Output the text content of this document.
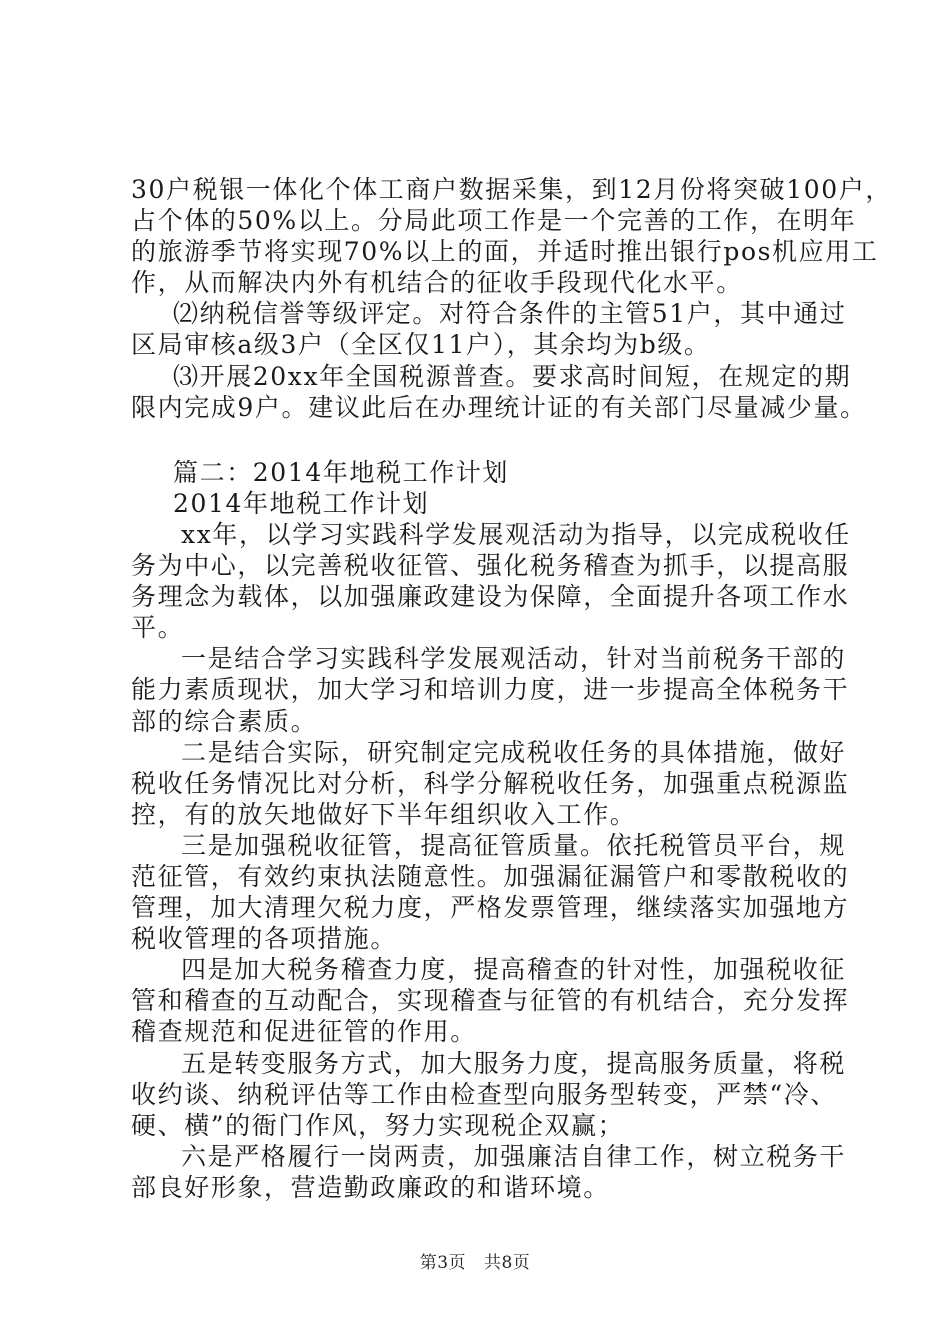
30户税银一体化个体工商户数据采集，到12月份将突破100户，
占个体的50%以上。分局此项工作是一个完善的工作，在明年
的旅游季节将实现70%以上的面，并适时推出银行pos机应用工
作，从而解决内外有机结合的征收手段现代化水平。
⑵纳税信誉等级评定。对符合条件的主管51户，其中通过
区局审核a级3户（全区仅11户），其余均为b级。
⑶开展20xx年全国税源普查。要求高时间短，在规定的期
限内完成9户。建议此后在办理统计证的有关部门尽量减少量。
篇二：2014年地税工作计划
2014年地税工作计划
xx年，以学习实践科学发展观活动为指导，以完成税收任
务为中心，以完善税收征管、强化税务稽查为抓手，以提高服
务理念为载体，以加强廉政建设为保障，全面提升各项工作水
平。
一是结合学习实践科学发展观活动，针对当前税务干部的
能力素质现状，加大学习和培训力度，进一步提高全体税务干
部的综合素质。
二是结合实际，研究制定完成税收任务的具体措施，做好
税收任务情况比对分析，科学分解税收任务，加强重点税源监
控，有的放矢地做好下半年组织收入工作。
三是加强税收征管，提高征管质量。依托税管员平台，规
范征管，有效约束执法随意性。加强漏征漏管户和零散税收的
管理，加大清理欠税力度，严格发票管理，继续落实加强地方
税收管理的各项措施。
四是加大税务稽查力度，提高稽查的针对性，加强税收征
管和稽查的互动配合，实现稽查与征管的有机结合，充分发挥
稽查规范和促进征管的作用。
五是转变服务方式，加大服务力度，提高服务质量，将税
收约谈、纳税评估等工作由检查型向服务型转变，严禁“冷、
硬、横”的衙门作风，努力实现税企双赢；
六是严格履行一岗两责，加强廉洁自律工作，树立税务干
部良好形象，营造勤政廉政的和谐环境。
第3页 共8页
